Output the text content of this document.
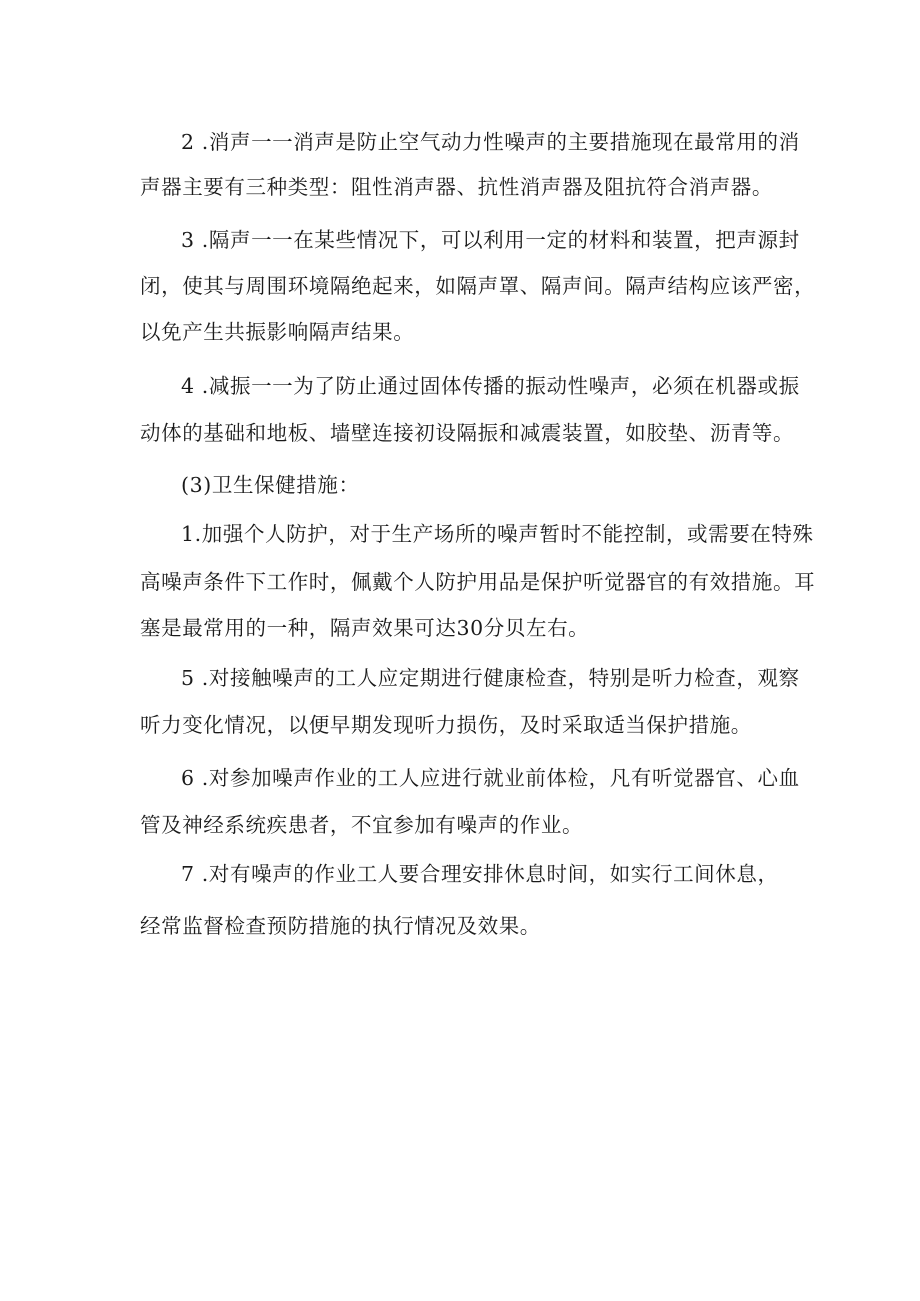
2 .消声一一消声是防止空气动力性噪声的主要措施现在最常用的消
声器主要有三种类型：阻性消声器、抗性消声器及阻抗符合消声器。
3 .隔声一一在某些情况下，可以利用一定的材料和装置，把声源封
闭，使其与周围环境隔绝起来，如隔声罩、隔声间。隔声结构应该严密，
以免产生共振影响隔声结果。
4 .减振一一为了防止通过固体传播的振动性噪声，必须在机器或振
动体的基础和地板、墙壁连接初设隔振和减震装置，如胶垫、沥青等。
(3)卫生保健措施：
1.加强个人防护，对于生产场所的噪声暂时不能控制，或需要在特殊
高噪声条件下工作时，佩戴个人防护用品是保护听觉器官的有效措施。耳
塞是最常用的一种，隔声效果可达30分贝左右。
5 .对接触噪声的工人应定期进行健康检查，特别是听力检查，观察
听力变化情况，以便早期发现听力损伤，及时采取适当保护措施。
6 .对参加噪声作业的工人应进行就业前体检，凡有听觉器官、心血
管及神经系统疾患者，不宜参加有噪声的作业。
7 .对有噪声的作业工人要合理安排休息时间，如实行工间休息，
经常监督检查预防措施的执行情况及效果。
